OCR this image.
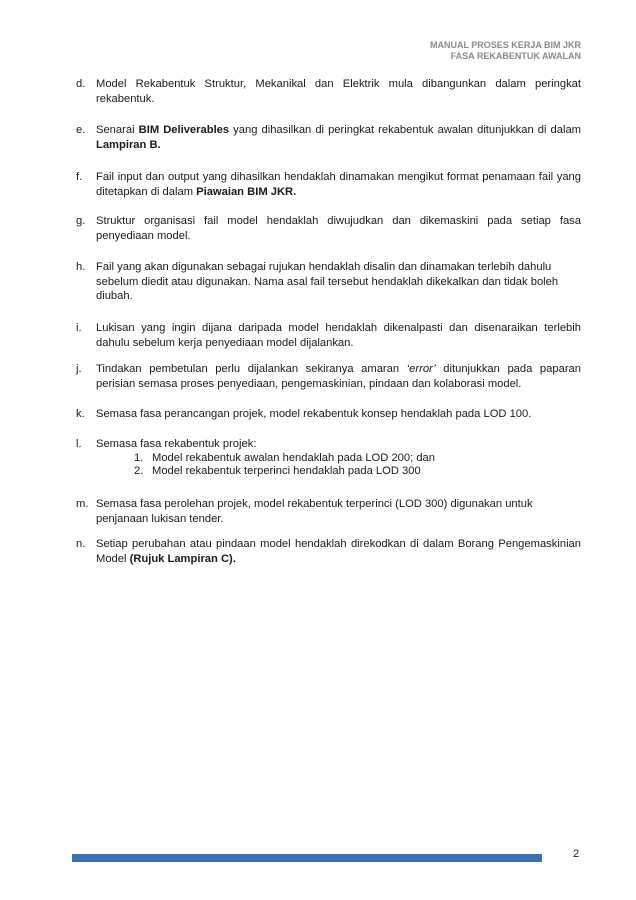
MANUAL PROSES KERJA BIM JKR
FASA REKABENTUK AWALAN
d. Model Rekabentuk Struktur, Mekanikal dan Elektrik mula dibangunkan dalam peringkat rekabentuk.
e. Senarai BIM Deliverables yang dihasilkan di peringkat rekabentuk awalan ditunjukkan di dalam Lampiran B.
f.	Fail input dan output yang dihasilkan hendaklah dinamakan mengikut format penamaan fail yang ditetapkan di dalam Piawaian BIM JKR.
g. Struktur organisasi fail model hendaklah diwujudkan dan dikemaskini pada setiap fasa penyediaan model.
h. Fail yang akan digunakan sebagai rujukan hendaklah disalin dan dinamakan terlebih dahulu sebelum diedit atau digunakan. Nama asal fail tersebut hendaklah dikekalkan dan tidak boleh diubah.
i.	Lukisan yang ingin dijana daripada model hendaklah dikenalpasti dan disenaraikan terlebih dahulu sebelum kerja penyediaan model dijalankan.
j.	Tindakan pembetulan perlu dijalankan sekiranya amaran ‘error’ ditunjukkan pada paparan perisian semasa proses penyediaan, pengemaskinian, pindaan dan kolaborasi model.
k.	Semasa fasa perancangan projek, model rekabentuk konsep hendaklah pada LOD 100.
l.	Semasa fasa rekabentuk projek:
1. Model rekabentuk awalan hendaklah pada LOD 200; dan
2. Model rekabentuk terperinci hendaklah pada LOD 300
m. Semasa fasa perolehan projek, model rekabentuk terperinci (LOD 300) digunakan untuk penjanaan lukisan tender.
n. Setiap perubahan atau pindaan model hendaklah direkodkan di dalam Borang Pengemaskinian Model (Rujuk Lampiran C).
2
